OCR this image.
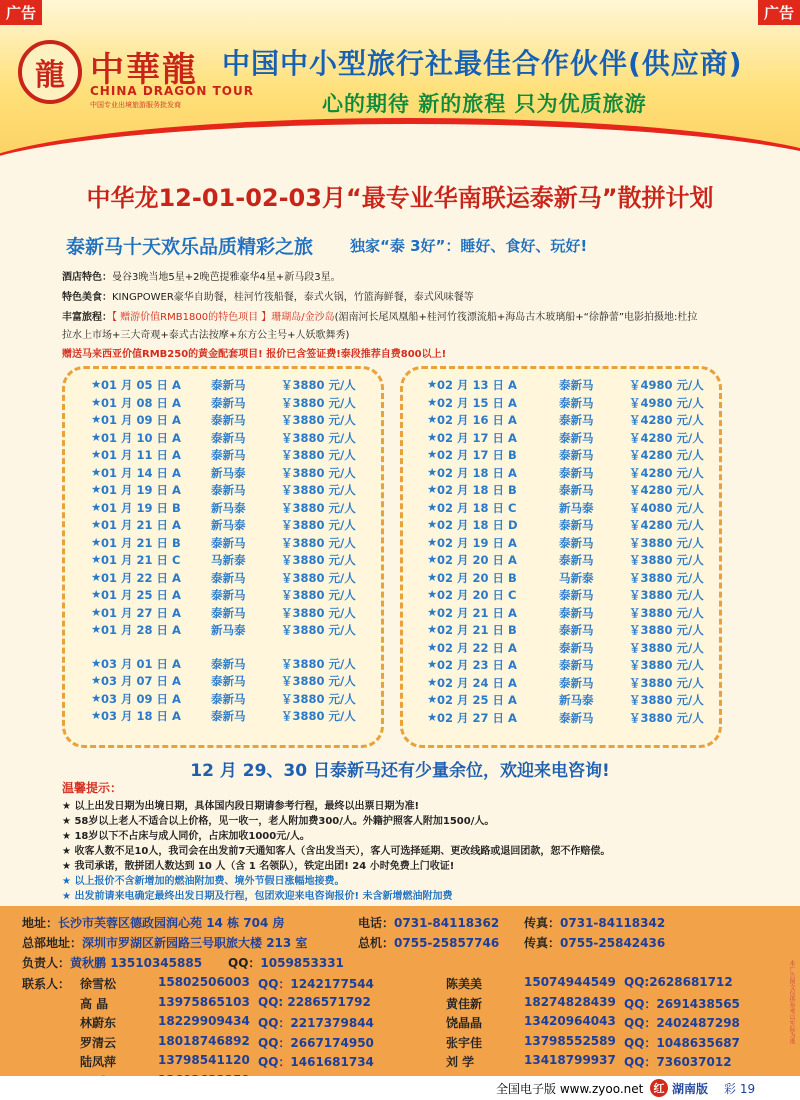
龍 中華龍
CHINA DRAGON TOUR
中国专业出境旅游服务批发商
中国中小型旅行社最佳合作伙伴(供应商)
心的期待 新的旅程 只为优质旅游
中华龙12-01-02-03月“最专业华南联运泰新马”散拼计划
泰新马十天欢乐品质精彩之旅 独家“泰 3好”：睡好、食好、玩好!
酒店特色：曼谷3晚当地5星+2晚芭提雅豪华4星+新马段3星。
特色美食：KINGPOWER豪华自助餐，桂河竹筏船餐，泰式火锅，竹篮海鲜餐，泰式风味餐等
丰富旅程：【 赠游价值RMB1800的特色项目 】珊瑚岛/金沙岛(湄南河长尾凤凰船+桂河竹筏漂流船+海岛古木玻璃船+“徐静蕾”电影拍摄地:杜拉
拉水上市场+三大奇观+泰式古法按摩+东方公主号+人妖歌舞秀)
赠送马来西亚价值RMB250的黄金配套项目! 报价已含签证费!泰段推荐自费800以上!
★ 01 月 05 日 A	泰新马	￥3880 元/人
★ 01 月 08 日 A	泰新马	￥3880 元/人
★ 01 月 09 日 A	泰新马	￥3880 元/人
★ 01 月 10 日 A	泰新马	￥3880 元/人
★ 01 月 11 日 A	泰新马	￥3880 元/人
★ 01 月 14 日 A	新马泰	￥3880 元/人
★ 01 月 19 日 A	泰新马	￥3880 元/人
★ 01 月 19 日 B	新马泰	￥3880 元/人
★ 01 月 21 日 A	新马泰	￥3880 元/人
★ 01 月 21 日 B	泰新马	￥3880 元/人
★ 01 月 21 日 C	马新泰	￥3880 元/人
★ 01 月 22 日 A	泰新马	￥3880 元/人
★ 01 月 25 日 A	泰新马	￥3880 元/人
★ 01 月 27 日 A	泰新马	￥3880 元/人
★ 01 月 28 日 A	新马泰	￥3880 元/人
★ 03 月 01 日 A	泰新马	￥3880 元/人
★ 03 月 07 日 A	泰新马	￥3880 元/人
★ 03 月 09 日 A	泰新马	￥3880 元/人
★ 03 月 18 日 A	泰新马	￥3880 元/人
★ 02 月 13 日 A	泰新马	￥4980 元/人
★ 02 月 15 日 A	泰新马	￥4980 元/人
★ 02 月 16 日 A	泰新马	￥4280 元/人
★ 02 月 17 日 A	泰新马	￥4280 元/人
★ 02 月 17 日 B	泰新马	￥4280 元/人
★ 02 月 18 日 A	泰新马	￥4280 元/人
★ 02 月 18 日 B	泰新马	￥4280 元/人
★ 02 月 18 日 C	新马泰	￥4080 元/人
★ 02 月 18 日 D	泰新马	￥4280 元/人
★ 02 月 19 日 A	泰新马	￥3880 元/人
★ 02 月 20 日 A	泰新马	￥3880 元/人
★ 02 月 20 日 B	马新泰	￥3880 元/人
★ 02 月 20 日 C	泰新马	￥3880 元/人
★ 02 月 21 日 A	泰新马	￥3880 元/人
★ 02 月 21 日 B	泰新马	￥3880 元/人
★ 02 月 22 日 A	泰新马	￥3880 元/人
★ 02 月 23 日 A	泰新马	￥3880 元/人
★ 02 月 24 日 A	泰新马	￥3880 元/人
★ 02 月 25 日 A	新马泰	￥3880 元/人
★ 02 月 27 日 A	泰新马	￥3880 元/人
12 月 29、30 日泰新马还有少量余位，欢迎来电咨询!
温馨提示：
★ 以上出发日期为出境日期，具体国内段日期请参考行程，最终以出票日期为准!
★ 58岁以上老人不适合以上价格，见一收一，老人附加费300/人。外籍护照客人附加1500/人。
★ 18岁以下不占床与成人同价，占床加收1000元/人。
★ 收客人数不足10人，我司会在出发前7天通知客人（含出发当天），客人可选择延期、更改线路或退回团款，恕不作赔偿。
★ 我司承诺，散拼团人数达到 10 人（含 1 名领队），铁定出团! 24 小时免费上门收证!
★ 以上报价不含新增加的燃油附加费、境外节假日涨幅地接费。
★ 出发前请来电确定最终出发日期及行程，包团欢迎来电咨询报价! 未含新增燃油附加费
地址：长沙市芙蓉区德政园润心苑 14 栋 704 房	电话：0731-84118362 传真：0731-84118342
总部地址：深圳市罗湖区新园路三号职旅大楼 213 室	总机：0755-25857746 传真：0755-25842436
负责人：黄秋鹏 13510345885 QQ：1059853331
联系人： 徐雪松	15802506003 QQ：1242177544
高 晶	13975865103 QQ: 2286571792
林蔚东	18229909434 QQ：2217379844
罗清云	18018746892 QQ：2667174950
陆凤萍	13798541120 QQ：1461681734
陈美美	15074944549 QQ:2628681712
黄佳新	18274828439 QQ：2691438565
饶晶晶	13420964043 QQ：2402487298
张宇佳	13798552589 QQ：1048635687
刘 学	13418799937 QQ：736037012
全国电子版 www.zyoo.net 红 湖南版 彩 19
本广告图文仅供参考以实际为准
广告	广告
